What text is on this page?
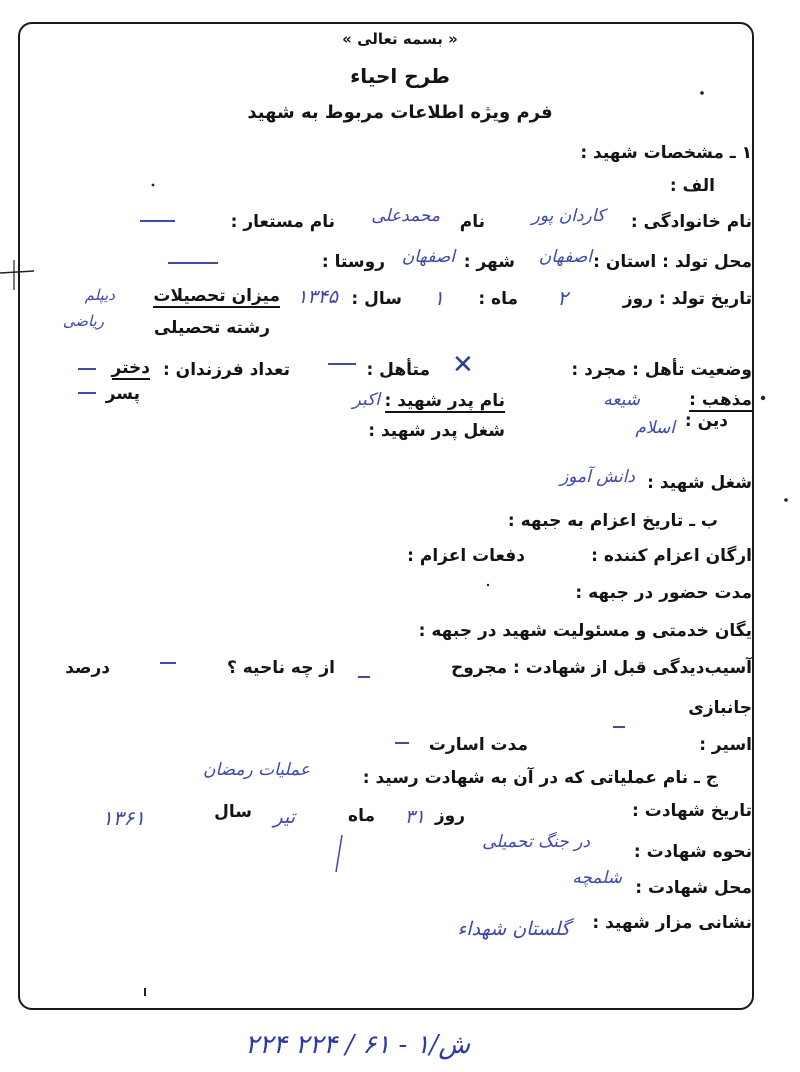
« بسمه تعالی »
طرح احیاء
فرم ویژه اطلاعات مربوط به شهید
۱ ـ مشخصات شهید :
الف :
نام خانوادگی :
کاردان پور
نام
محمدعلی
نام مستعار :
محل تولد : استان :
اصفهان
شهر :
اصفهان
روستا :
تاریخ تولد : روز
۲
ماه :
۱
سال :
۱۳۴۵
میزان تحصیلات
دیپلم
رشته تحصیلی
ریاضی
وضعیت تأهل : مجرد :
✕
متأهل :
تعداد فرزندان :
دختر
پسر	مذهب :
دین :
شیعه
اسلام
نام پدر شهید :
اکبر
شغل پدر شهید :
شغل شهید :
دانش آموز
ب ـ تاریخ اعزام به جبهه :
ارگان اعزام کننده :
دفعات اعزام :
مدت حضور در جبهه :
یگان خدمتی و مسئولیت شهید در جبهه :
آسیب‌دیدگی قبل از شهادت : مجروح
از چه ناحیه ؟
درصد
جانبازی
اسیر :
مدت اسارت
ج ـ نام عملیاتی که در آن به شهادت رسید :
عملیات رمضان
تاریخ شهادت :
روز
۳۱
ماه
تیر
سال
۱۳۶۱
نحوه شهادت :
در جنگ تحمیلی
محل شهادت :
شلمچه
نشانی مزار شهید :
گلستان شهداء
۲۲۴ ۲۲۴ / ۶۱ - ۱/ش
